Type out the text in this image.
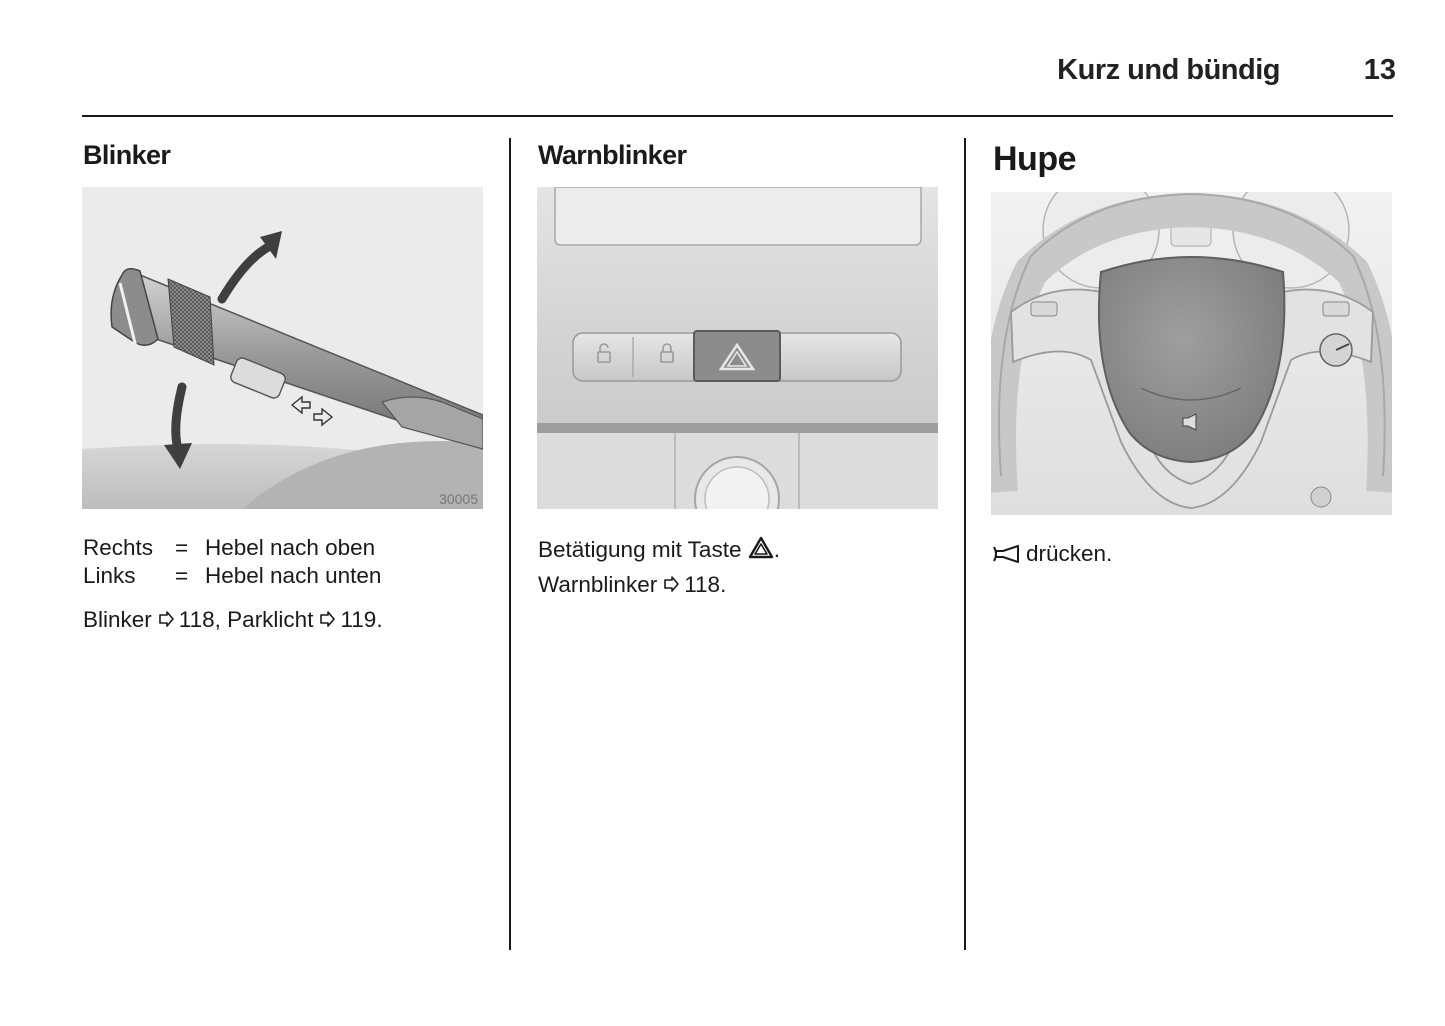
Kurz und bündig	13
Blinker
30005
Rechts = Hebel nach oben
Links	= Hebel nach unten
Blinker 118, Parklicht 119.
Warnblinker
Betätigung mit Taste .
Warnblinker 118.
Hupe
drücken.
